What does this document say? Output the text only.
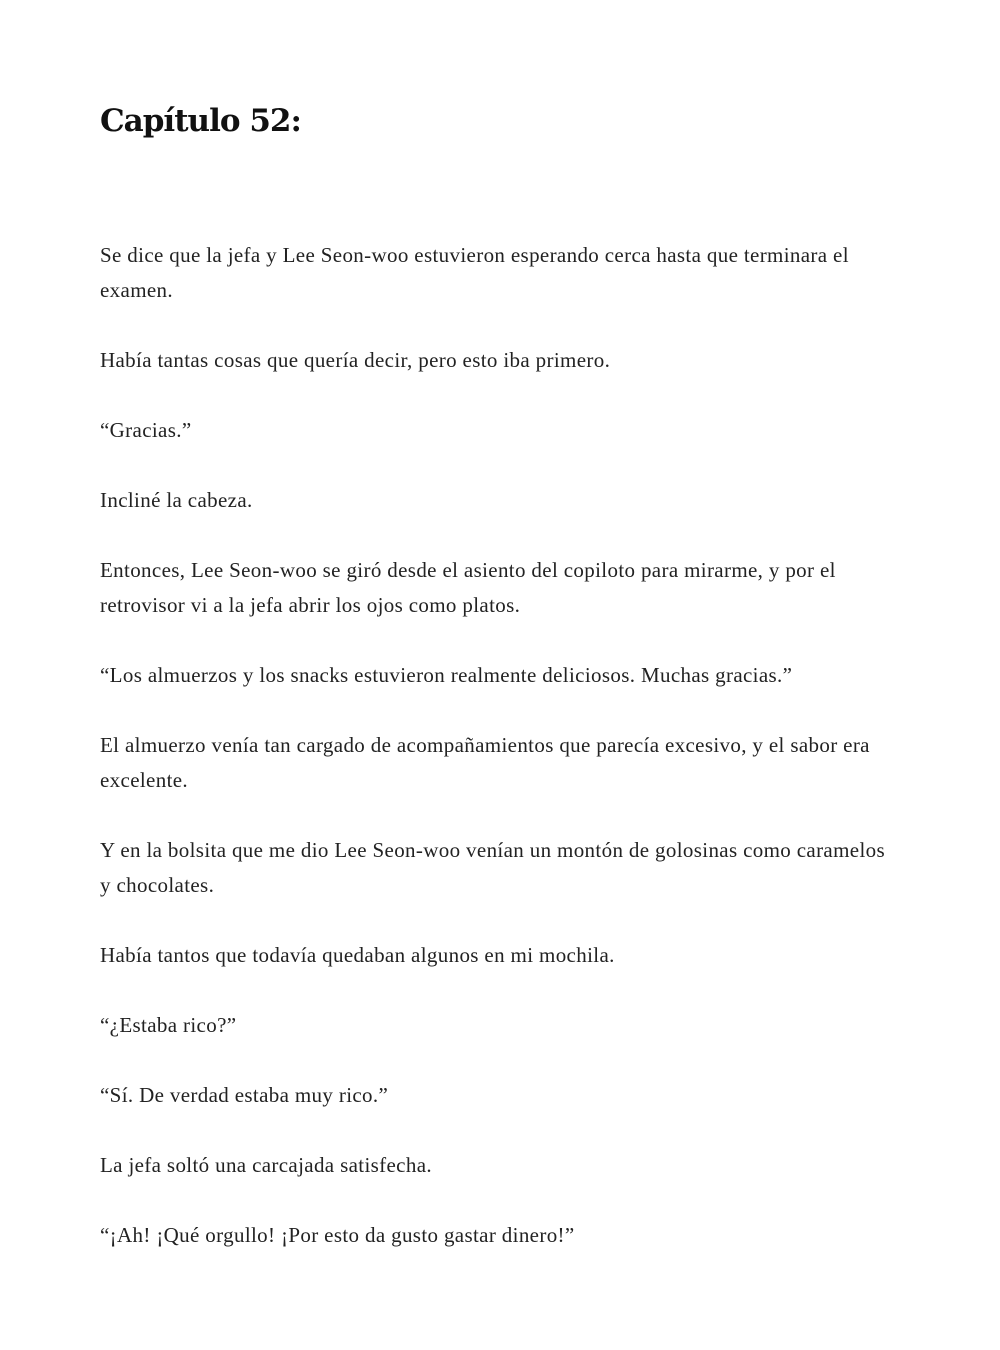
Capítulo 52:

Se dice que la jefa y Lee Seon-woo estuvieron esperando cerca hasta que terminara el examen.

Había tantas cosas que quería decir, pero esto iba primero.

“Gracias.”

Incliné la cabeza.

Entonces, Lee Seon-woo se giró desde el asiento del copiloto para mirarme, y por el retrovisor vi a la jefa abrir los ojos como platos.

“Los almuerzos y los snacks estuvieron realmente deliciosos. Muchas gracias.”

El almuerzo venía tan cargado de acompañamientos que parecía excesivo, y el sabor era excelente.

Y en la bolsita que me dio Lee Seon-woo venían un montón de golosinas como caramelos y chocolates.

Había tantos que todavía quedaban algunos en mi mochila.

“¿Estaba rico?”

“Sí. De verdad estaba muy rico.”

La jefa soltó una carcajada satisfecha.

“¡Ah! ¡Qué orgullo! ¡Por esto da gusto gastar dinero!”
